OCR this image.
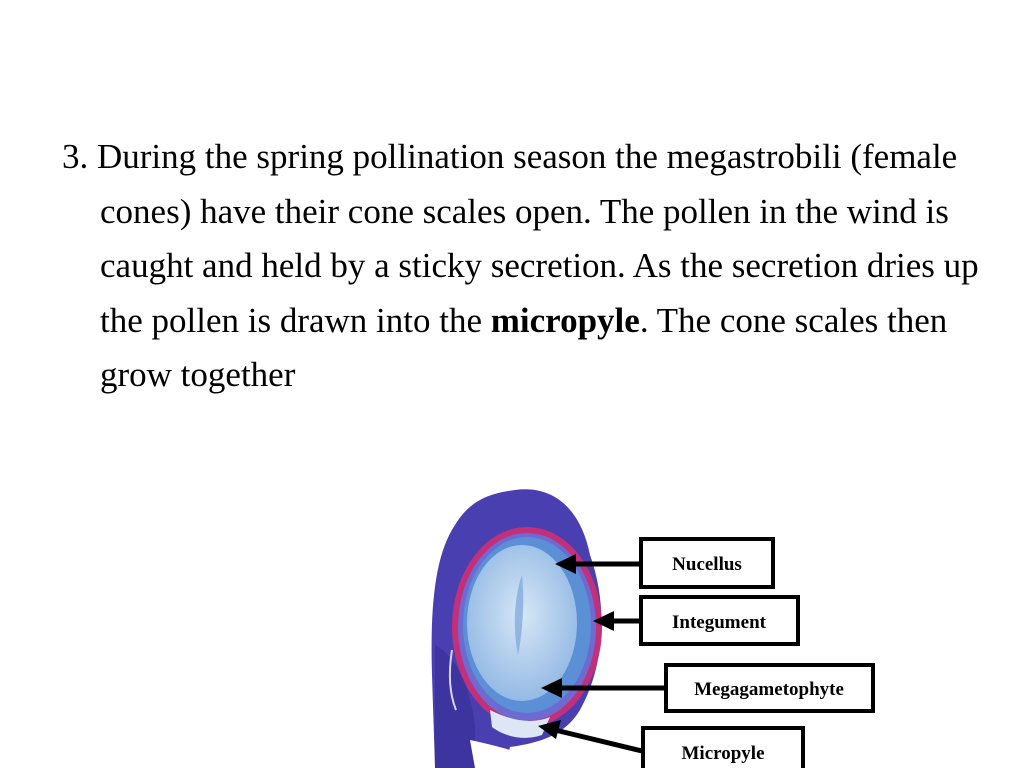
3. During the spring pollination season the megastrobili (female cones) have their cone scales open. The pollen in the wind is caught and held by a sticky secretion. As the secretion dries up the pollen is drawn into the micropyle. The cone scales then grow together
Nucellus
Integument
Megagametophyte
Micropyle
